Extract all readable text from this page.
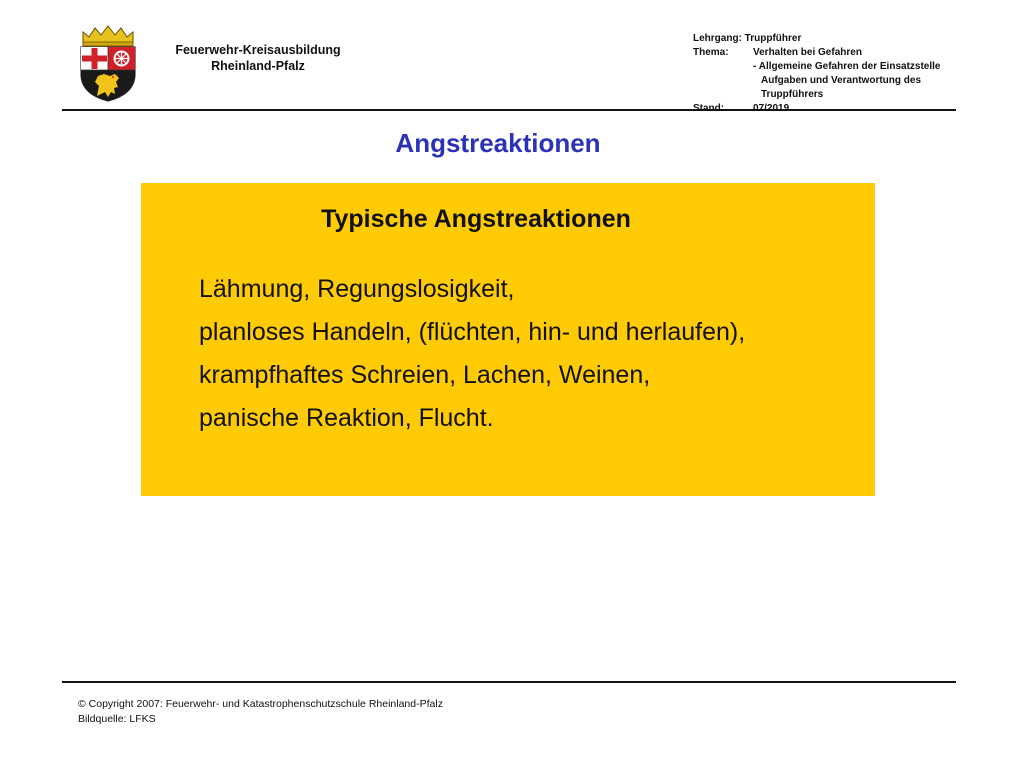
Feuerwehr-Kreisausbildung
Rheinland-Pfalz
Lehrgang:
Truppführer
Thema:	Verhalten bei Gefahren
- Allgemeine Gefahren der Einsatzstelle
Aufgaben und Verantwortung des
Truppführers
Angstreaktionen
Typische Angstreaktionen
Lähmung, Regungslosigkeit,
planloses Handeln, (flüchten, hin- und herlaufen),
krampfhaftes Schreien, Lachen, Weinen,
panische Reaktion, Flucht.
© Copyright 2007: Feuerwehr- und Katastrophenschutzschule Rheinland-Pfalz
Bildquelle: LFKS
